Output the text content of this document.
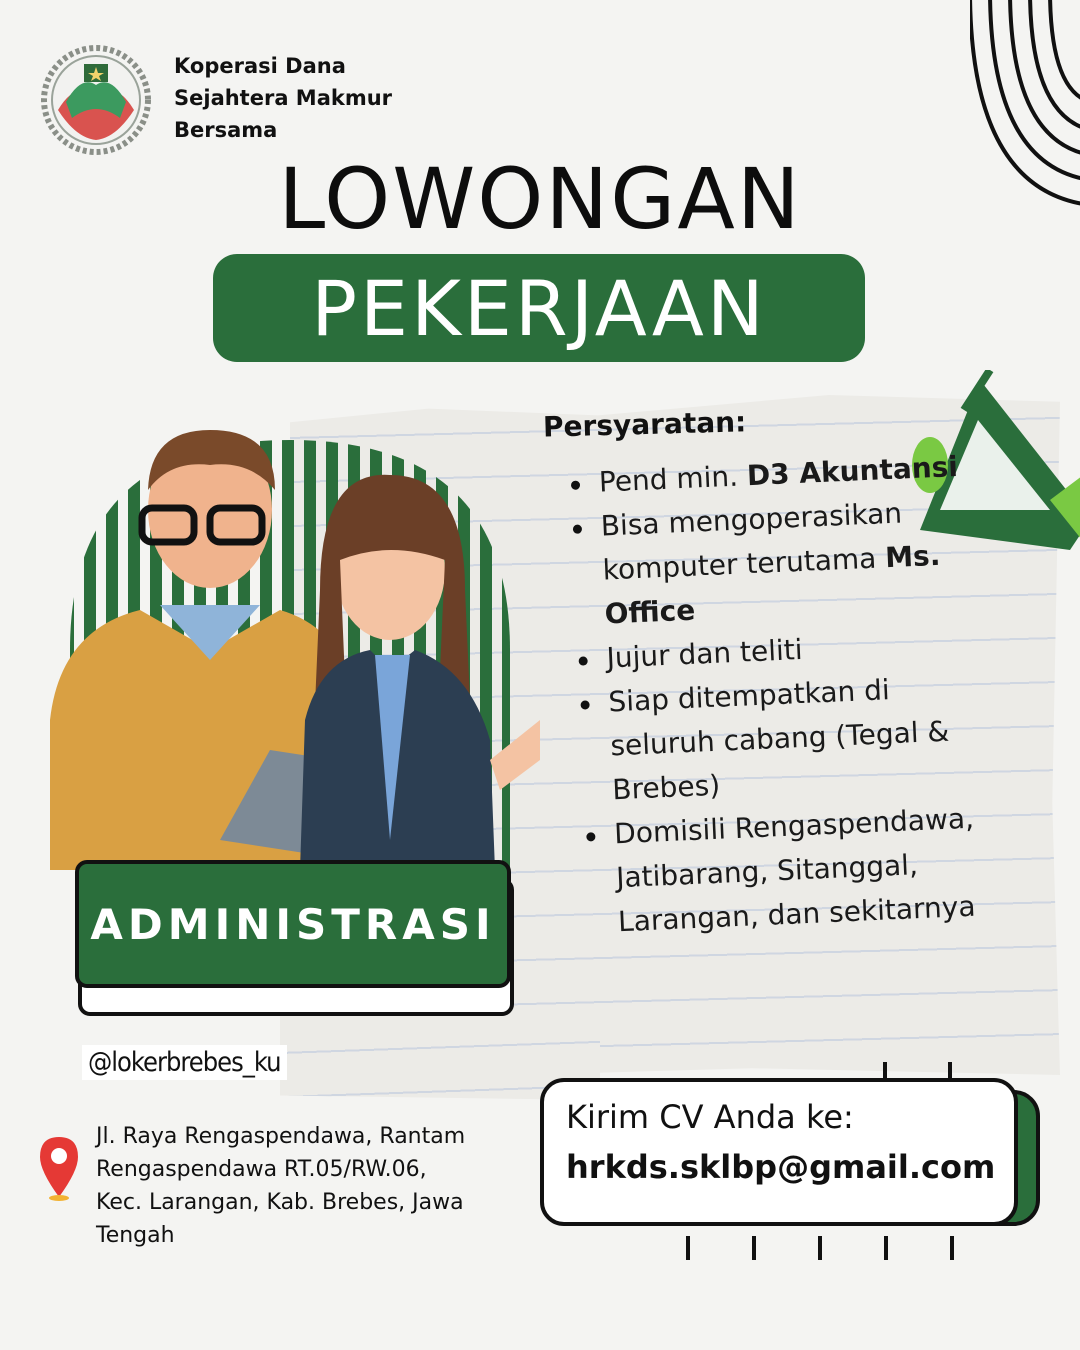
Koperasi Dana
Sejahtera Makmur
Bersama
LOWONGAN
PEKERJAAN
Persyaratan:
Pend min. D3 Akuntansi
Bisa mengoperasikan komputer terutama Ms. Office
Jujur dan teliti
Siap ditempatkan di seluruh cabang (Tegal & Brebes)
Domisili Rengaspendawa, Jatibarang, Sitanggal, Larangan, dan sekitarnya
ADMINISTRASI
@lokerbrebes_ku
Jl. Raya Rengaspendawa, Rantam
Rengaspendawa RT.05/RW.06,
Kec. Larangan, Kab. Brebes, Jawa
Tengah
Kirim CV Anda ke:
hrkds.sklbp@gmail.com
